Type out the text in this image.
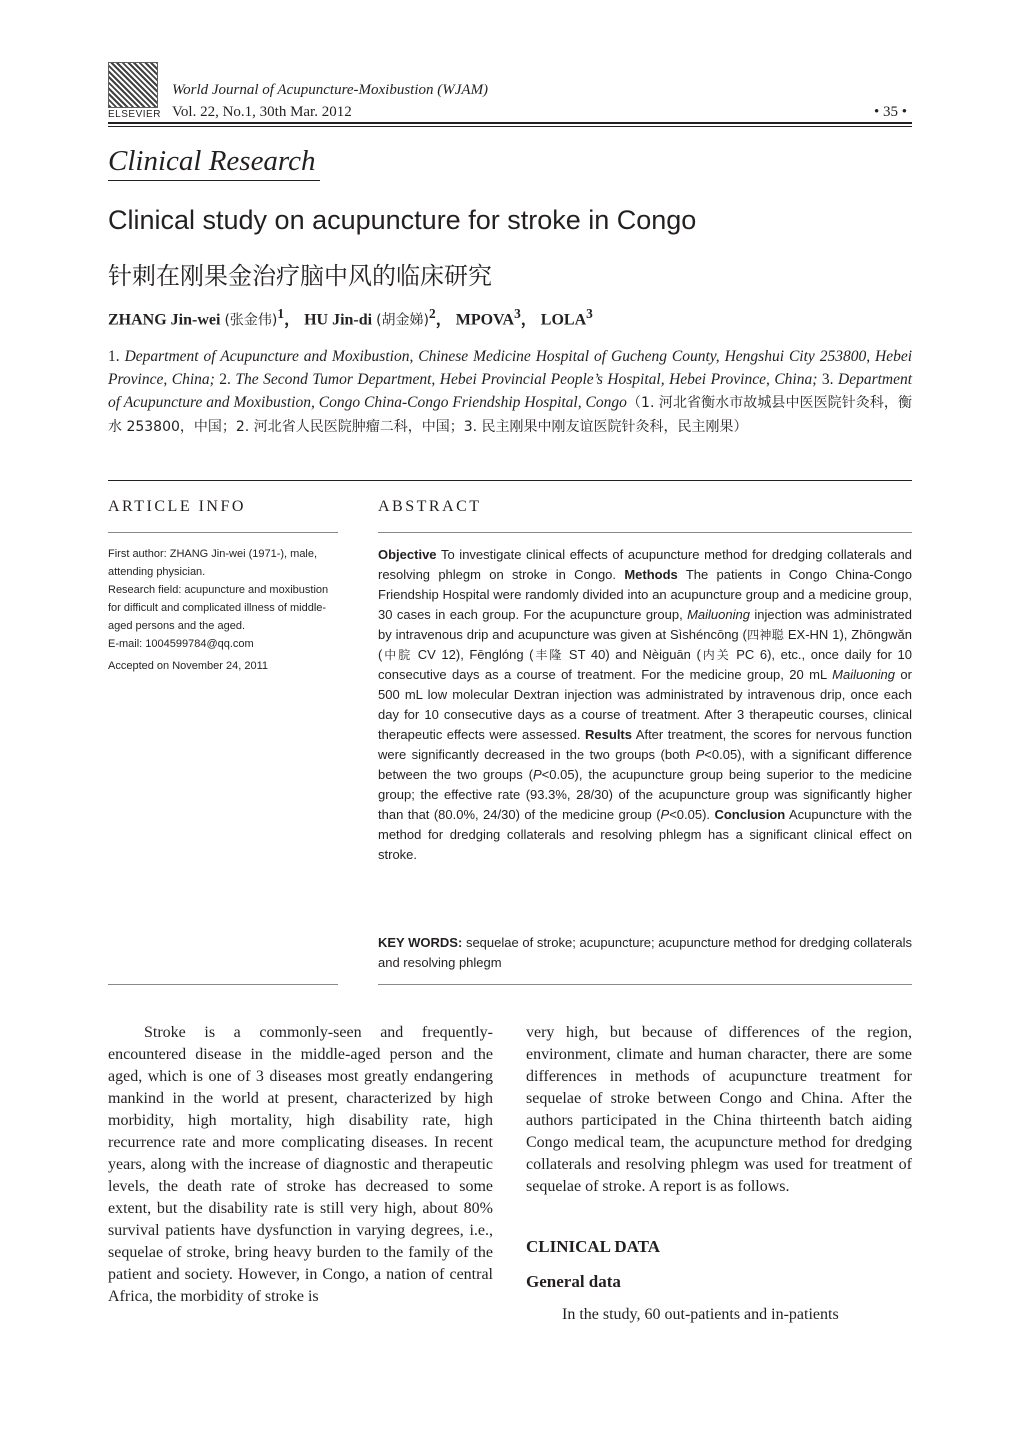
ELSEVIER
World Journal of Acupuncture-Moxibustion (WJAM)
Vol. 22, No.1, 30th Mar. 2012	• 35 •
Clinical Research
Clinical study on acupuncture for stroke in Congo
针刺在刚果金治疗脑中风的临床研究
ZHANG Jin-wei (张金伟)$^1$， HU Jin-di (胡金娣)$^2$， MPOVA$^3$， LOLA$^3$
1. Department of Acupuncture and Moxibustion, Chinese Medicine Hospital of Gucheng County, Hengshui City 253800, Hebei Province, China; 2. The Second Tumor Department, Hebei Provincial People’s Hospital, Hebei Province, China; 3. Department of Acupuncture and Moxibustion, Congo China-Congo Friendship Hospital, Congo（1. 河北省衡水市故城县中医医院针灸科，衡水 253800，中国；2. 河北省人民医院肿瘤二科，中国；3. 民主刚果中刚友谊医院针灸科，民主刚果）
ARTICLE INFO	ABSTRACT

First author: ZHANG Jin-wei (1971-), male, attending physician.

Research field: acupuncture and moxibustion for difficult and complicated illness of middle-aged persons and the aged.

E-mail: 1004599784@qq.com

Accepted on November 24, 2011

Objective To investigate clinical effects of acupuncture method for dredging collaterals and resolving phlegm on stroke in Congo. Methods The patients in Congo China-Congo Friendship Hospital were randomly divided into an acupuncture group and a medicine group, 30 cases in each group. For the acupuncture group, Mailuoning injection was administrated by intravenous drip and acupuncture was given at Sìshéncōng (四神聪 EX-HN 1), Zhōngwǎn (中脘 CV 12), Fēnglóng (丰隆 ST 40) and Nèiguān (内关 PC 6), etc., once daily for 10 consecutive days as a course of treatment. For the medicine group, 20 mL Mailuoning or 500 mL low molecular Dextran injection was administrated by intravenous drip, once each day for 10 consecutive days as a course of treatment. After 3 therapeutic courses, clinical therapeutic effects were assessed. Results After treatment, the scores for nervous function were significantly decreased in the two groups (both P<0.05), with a significant difference between the two groups (P<0.05), the acupuncture group being superior to the medicine group; the effective rate (93.3%, 28/30) of the acupuncture group was significantly higher than that (80.0%, 24/30) of the medicine group (P<0.05). Conclusion Acupuncture with the method for dredging collaterals and resolving phlegm has a significant clinical effect on stroke.
KEY WORDS: sequelae of stroke; acupuncture; acupuncture method for dredging collaterals and resolving phlegm

Stroke is a commonly-seen and frequently-encountered disease in the middle-aged person and the aged, which is one of 3 diseases most greatly endangering mankind in the world at present, characterized by high morbidity, high mortality, high disability rate, high recurrence rate and more complicating diseases. In recent years, along with the increase of diagnostic and therapeutic levels, the death rate of stroke has decreased to some extent, but the disability rate is still very high, about 80% survival patients have dysfunction in varying degrees, i.e., sequelae of stroke, bring heavy burden to the family of the patient and society. However, in Congo, a nation of central Africa, the morbidity of stroke is

very high, but because of differences of the region, environment, climate and human character, there are some differences in methods of acupuncture treatment for sequelae of stroke between Congo and China. After the authors participated in the China thirteenth batch aiding Congo medical team, the acupuncture method for dredging collaterals and resolving phlegm was used for treatment of sequelae of stroke. A report is as follows.

CLINICAL DATA
General data

In the study, 60 out-patients and in-patients
